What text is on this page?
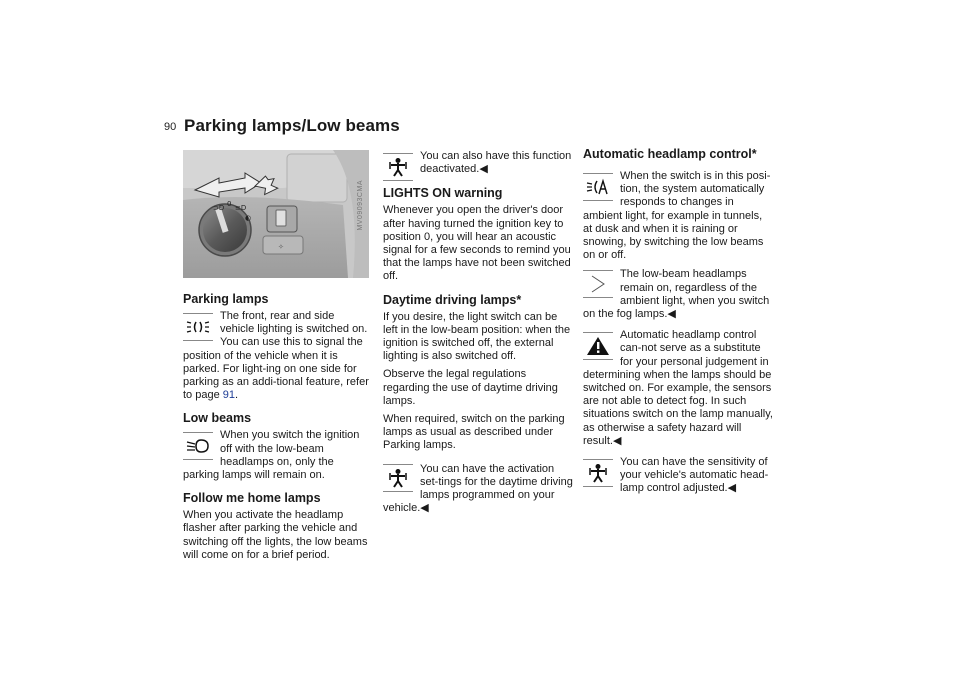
90 Parking lamps/Low beams
⊃D 0 ≡D
◐
✧
MV09093CMA
Parking lamps

The front, rear and side vehicle lighting is switched on. You can use this to signal the position of the vehicle when it is parked. For light-ing on one side for parking as an addi-tional feature, refer to page 91.

Low beams

When you switch the ignition off with the low-beam headlamps on, only the parking lamps will remain on.

Follow me home lamps

When you activate the headlamp flasher after parking the vehicle and switching off the lights, the low beams will come on for a brief period.

You can also have this function deactivated.◀

LIGHTS ON warning

Whenever you open the driver's door after having turned the ignition key to position 0, you will hear an acoustic signal for a few seconds to remind you that the lamps have not been switched off.

Daytime driving lamps*

If you desire, the light switch can be left in the low-beam position: when the ignition is switched off, the external lighting is also switched off.

Observe the legal regulations regarding the use of daytime driving lamps.

When required, switch on the parking lamps as usual as described under Parking lamps.

You can have the activation set-tings for the daytime driving lamps programmed on your vehicle.◀

Automatic headlamp control*

When the switch is in this posi-tion, the system automatically responds to changes in ambient light, for example in tunnels, at dusk and when it is raining or snowing, by switching the low beams on or off.

The low-beam headlamps remain on, regardless of the ambient light, when you switch on the fog lamps.◀

Automatic headlamp control can-not serve as a substitute for your personal judgement in determining when the lamps should be switched on. For example, the sensors are not able to detect fog. In such situations switch on the lamp manually, as otherwise a safety hazard will result.◀

You can have the sensitivity of your vehicle's automatic head-lamp control adjusted.◀
